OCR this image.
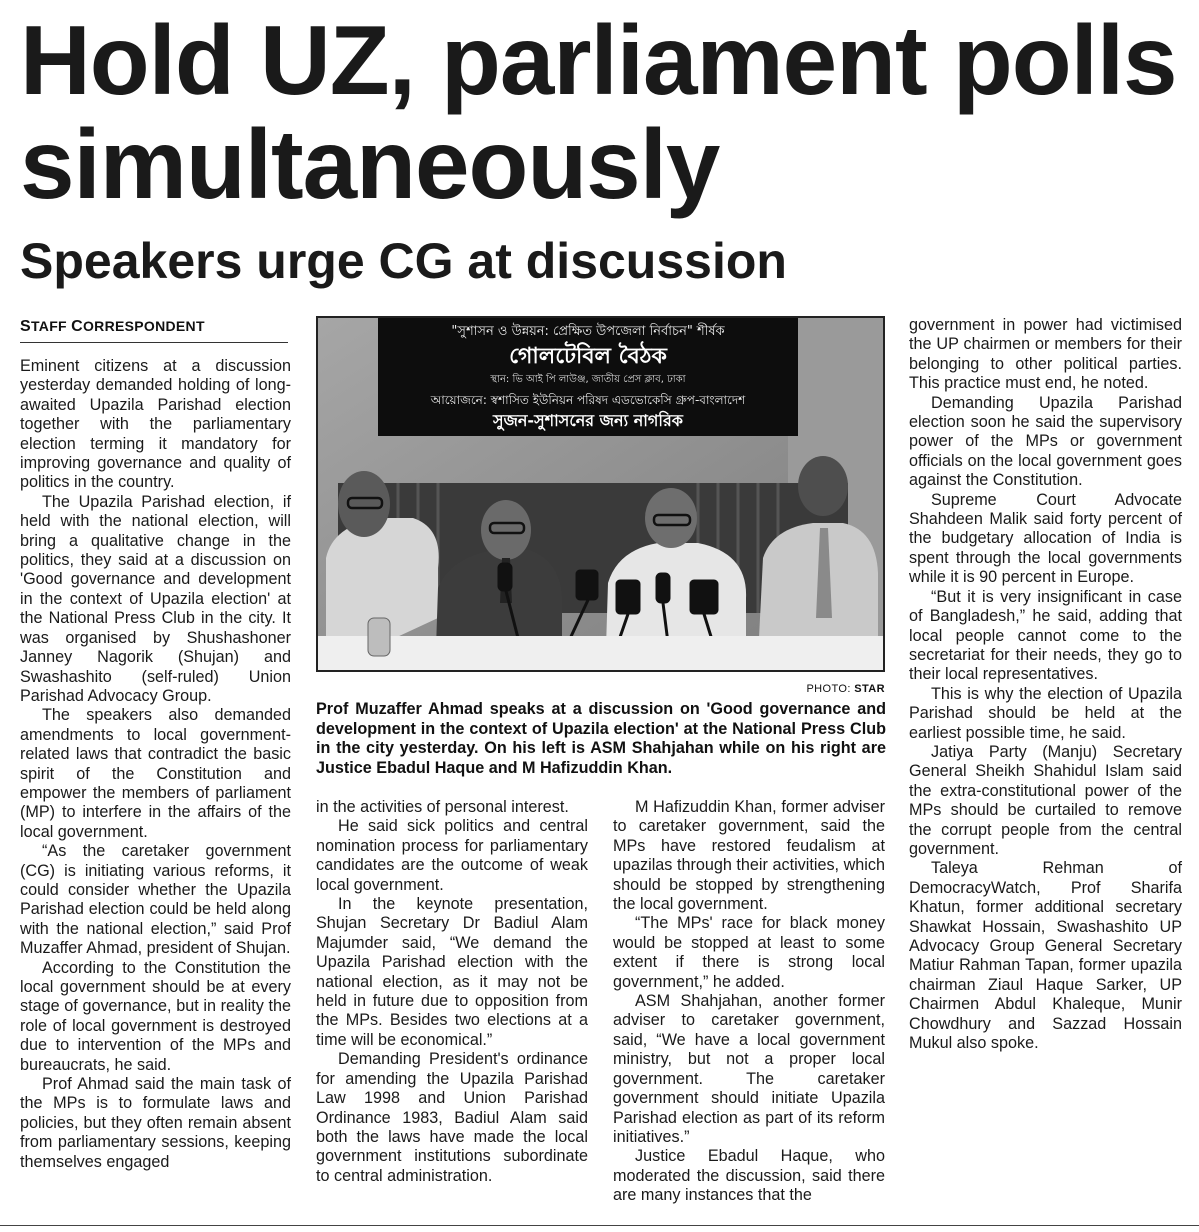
Hold UZ, parliament polls simultaneously
Speakers urge CG at discussion
STAFF CORRESPONDENT

Eminent citizens at a discussion yesterday demanded holding of long-awaited Upazila Parishad election together with the parliamentary election terming it mandatory for improving governance and quality of politics in the country.

The Upazila Parishad election, if held with the national election, will bring a qualitative change in the politics, they said at a discussion on 'Good governance and development in the context of Upazila election' at the National Press Club in the city. It was organised by Shushashoner Janney Nagorik (Shujan) and Swashashito (self-ruled) Union Parishad Advocacy Group.

The speakers also demanded amendments to local government-related laws that contradict the basic spirit of the Constitution and empower the members of parliament (MP) to interfere in the affairs of the local government.

“As the caretaker government (CG) is initiating various reforms, it could consider whether the Upazila Parishad election could be held along with the national election,” said Prof Muzaffer Ahmad, president of Shujan.

According to the Constitution the local government should be at every stage of governance, but in reality the role of local government is destroyed due to intervention of the MPs and bureaucrats, he said.

Prof Ahmad said the main task of the MPs is to formulate laws and policies, but they often remain absent from parliamentary sessions, keeping themselves engaged

"সুশাসন ও উন্নয়ন: প্রেক্ষিত উপজেলা নির্বাচন" শীর্ষক
গোলটেবিল বৈঠক
স্থান: ভি আই পি লাউঞ্জ, জাতীয় প্রেস ক্লাব, ঢাকা
আয়োজনে: স্বশাসিত ইউনিয়ন পরিষদ এডভোকেসি গ্রুপ-বাংলাদেশ
সুজন-সুশাসনের জন্য নাগরিক
PHOTO: STAR
Prof Muzaffer Ahmad speaks at a discussion on 'Good governance and development in the context of Upazila election' at the National Press Club in the city yesterday. On his left is ASM Shahjahan while on his right are Justice Ebadul Haque and M Hafizuddin Khan.

in the activities of personal interest.

He said sick politics and central nomination process for parliamentary candidates are the outcome of weak local government.

In the keynote presentation, Shujan Secretary Dr Badiul Alam Majumder said, “We demand the Upazila Parishad election with the national election, as it may not be held in future due to opposition from the MPs. Besides two elections at a time will be economical.”

Demanding President's ordinance for amending the Upazila Parishad Law 1998 and Union Parishad Ordinance 1983, Badiul Alam said both the laws have made the local government institutions subordinate to central administration.

M Hafizuddin Khan, former adviser to caretaker government, said the MPs have restored feudalism at upazilas through their activities, which should be stopped by strengthening the local government.

“The MPs' race for black money would be stopped at least to some extent if there is strong local government,” he added.

ASM Shahjahan, another former adviser to caretaker government, said, “We have a local government ministry, but not a proper local government. The caretaker government should initiate Upazila Parishad election as part of its reform initiatives.”

Justice Ebadul Haque, who moderated the discussion, said there are many instances that the

government in power had victimised the UP chairmen or members for their belonging to other political parties. This practice must end, he noted.

Demanding Upazila Parishad election soon he said the supervisory power of the MPs or government officials on the local government goes against the Constitution.

Supreme Court Advocate Shahdeen Malik said forty percent of the budgetary allocation of India is spent through the local governments while it is 90 percent in Europe.

“But it is very insignificant in case of Bangladesh,” he said, adding that local people cannot come to the secretariat for their needs, they go to their local representatives.

This is why the election of Upazila Parishad should be held at the earliest possible time, he said.

Jatiya Party (Manju) Secretary General Sheikh Shahidul Islam said the extra-constitutional power of the MPs should be curtailed to remove the corrupt people from the central government.

Taleya Rehman of DemocracyWatch, Prof Sharifa Khatun, former additional secretary Shawkat Hossain, Swashashito UP Advocacy Group General Secretary Matiur Rahman Tapan, former upazila chairman Ziaul Haque Sarker, UP Chairmen Abdul Khaleque, Munir Chowdhury and Sazzad Hossain Mukul also spoke.
